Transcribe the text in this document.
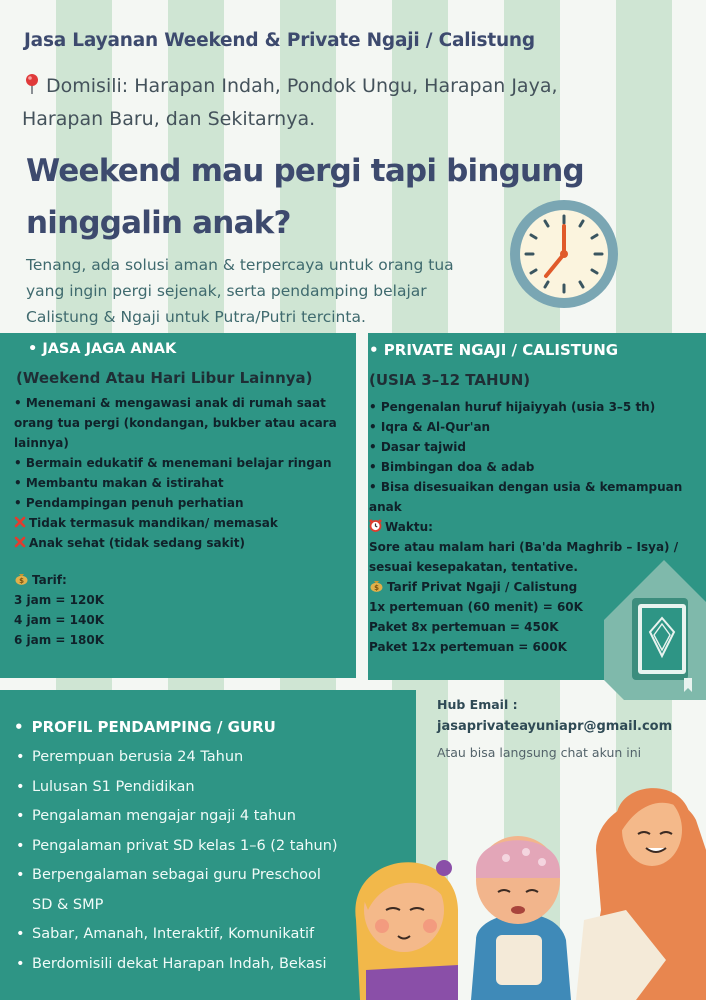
Jasa Layanan Weekend & Private Ngaji / Calistung
Domisili: Harapan Indah, Pondok Ungu, Harapan Jaya,
Harapan Baru, dan Sekitarnya.
Weekend mau pergi tapi bingung
ninggalin anak?
Tenang, ada solusi aman & terpercaya untuk orang tua
yang ingin pergi sejenak, serta pendamping belajar
Calistung & Ngaji untuk Putra/Putri tercinta.
• JASA JAGA ANAK
(Weekend Atau Hari Libur Lainnya)
• Menemani & mengawasi anak di rumah saat
orang tua pergi (kondangan, bukber atau acara
lainnya)
• Bermain edukatif & menemani belajar ringan
• Membantu makan & istirahat
• Pendampingan penuh perhatian
Tidak termasuk mandikan/ memasak
Anak sehat (tidak sedang sakit)
$ Tarif:
3 jam = 120K
4 jam = 140K
6 jam = 180K
• PRIVATE NGAJI / CALISTUNG
(USIA 3–12 TAHUN)
• Pengenalan huruf hijaiyyah (usia 3–5 th)
• Iqra & Al-Qur'an
• Dasar tajwid
• Bimbingan doa & adab
• Bisa disesuaikan dengan usia & kemampuan
anak
Waktu:
Sore atau malam hari (Ba'da Maghrib – Isya) /
sesuai kesepakatan, tentative.
$ Tarif Privat Ngaji / Calistung
1x pertemuan (60 menit) = 60K
Paket 8x pertemuan = 450K
Paket 12x pertemuan = 600K
• PROFIL PENDAMPING / GURU
• Perempuan berusia 24 Tahun
• Lulusan S1 Pendidikan
• Pengalaman mengajar ngaji 4 tahun
• Pengalaman privat SD kelas 1–6 (2 tahun)
• Berpengalaman sebagai guru Preschool
SD & SMP
• Sabar, Amanah, Interaktif, Komunikatif
• Berdomisili dekat Harapan Indah, Bekasi
Hub Email :
jasaprivateayuniapr@gmail.com
Atau bisa langsung chat akun ini
